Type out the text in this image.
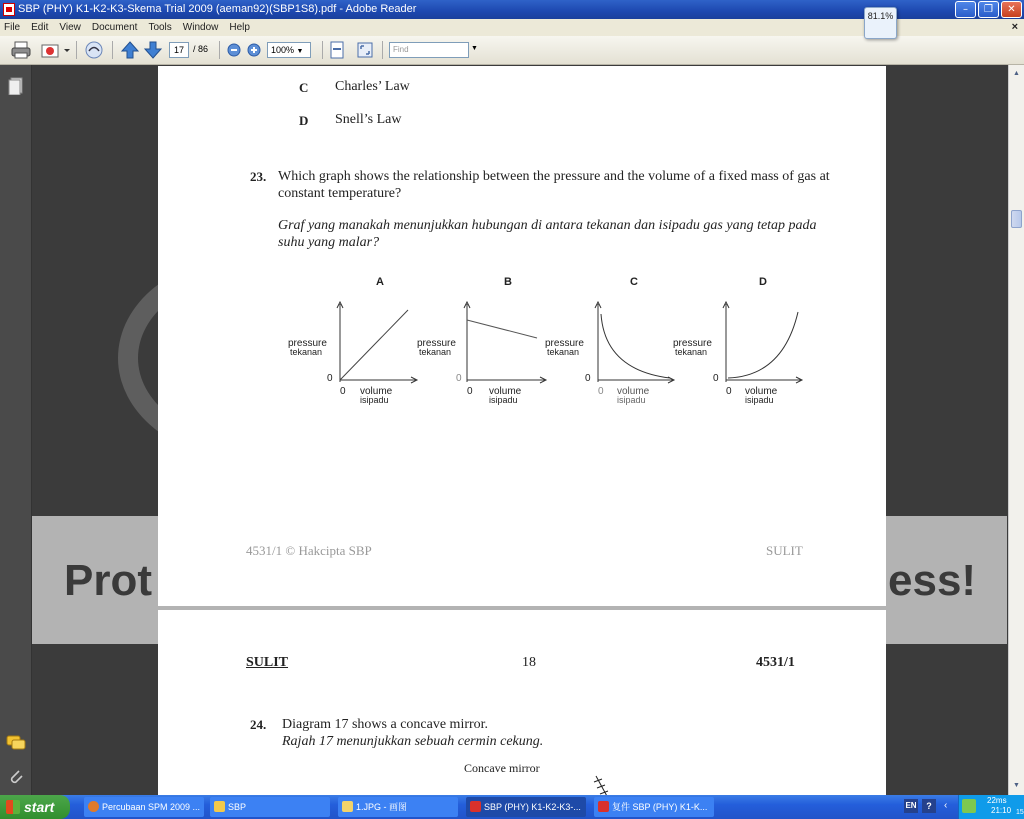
SBP (PHY) K1-K2-K3-Skema Trial 2009 (aeman92)(SBP1S8).pdf - Adobe Reader	–	❐	✕
81.1%
File Edit View Document Tools Window Help	×
17	/ 86	100% ▼	Find	▼
Prot	ess!
C Charles’ Law
D Snell’s Law
23. Which graph shows the relationship between the pressure and the volume of a fixed mass of gas at constant temperature?
Graf yang manakah menunjukkan hubungan di antara tekanan dan isipadu gas yang tetap pada suhu yang malar?
A	B	C	D
pressure
tekanan
0
0 volume
isipadu
pressure
tekanan
0
0 volume
isipadu
pressure
tekanan
0
0 volume
isipadu
pressure
tekanan
0
0 volume
isipadu
4531/1 © Hakcipta SBP	SULIT
SULIT	18	4531/1
24. Diagram 17 shows a concave mirror.
Rajah 17 menunjukkan sebuah cermin cekung.
Concave mirror
▲
▼
start	Percubaan SPM 2009 ...	SBP	1.JPG - 画图	SBP (PHY) K1-K2-K3-...	复件 SBP (PHY) K1-K...	EN	?	‹	22ms
21:10 15
